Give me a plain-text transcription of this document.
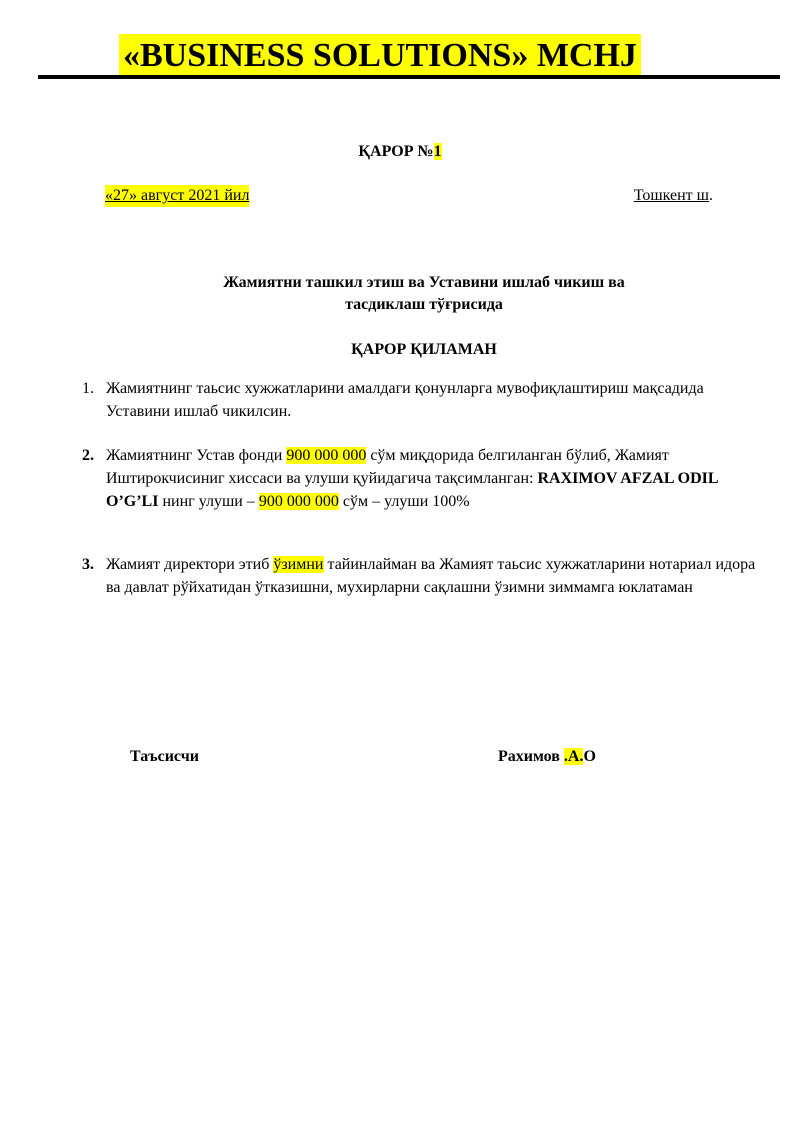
«BUSINESS SOLUTIONS» MCHJ
ҚАРОР №1
«27» август 2021 йил	Тошкент ш.
Жамиятни ташкил этиш ва Уставини ишлаб чикиш ва
тасдиклаш тўғрисида
ҚАРОР ҚИЛАМАН
1. Жамиятнинг таьсис хужжатларини амалдаги қонунларга мувофиқлаштириш мақсадида Уставини ишлаб чикилсин.
2. Жамиятнинг Устав фонди 900 000 000 сўм миқдорида белгиланган бўлиб, Жамият Иштирокчисиниг хиссаси ва улуши қуйидагича тақсимланган: RAXIMOV AFZAL ODIL O’G’LI нинг улуши – 900 000 000 сўм – улуши 100%
3. Жамият директори этиб ўзимни тайинлайман ва Жамият таьсис хужжатларини нотариал идора ва давлат рўйхатидан ўтказишни, мухирларни сақлашни ўзимни зиммамга юклатаман
Таъсисчи	Рахимов .А.О
